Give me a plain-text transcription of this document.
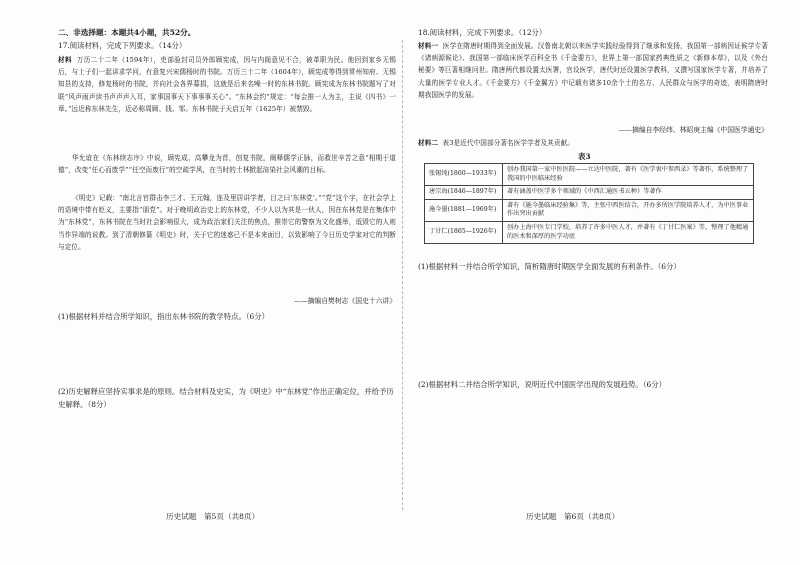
二、非选择题：本题共4小题，共52分。
17.阅读材料，完成下列要求。（14分）
材料 万历二十二年（1594年），吏部验封司员外郎顾宪成，因与内阁意见不合，被革职为民。他回到家乡无锡后，与士子们一起讲求学问，有意复兴宋儒杨时的书院。万历三十二年（1604年），顾宪成等得到常州知府、无锡知县的支持，修复杨时的书院，并向社会各界募捐，这就是后来名噪一时的东林书院。顾宪成为东林书院题写了对联“风声雨声读书声声声入耳，家事国事天下事事事关心”。“东林会约”规定：“每会推一人为主，主说《四书》一章。”远近称东林先生，近必称周顾、钱、邹。东林书院于天启五年（1625年）被禁毁。
华允谊在《东林续志序》中说，顾宪成、高攀龙为首，创复书院，阐释儒学正脉，而救世辛苦之意“相期于道德”，改变“任心而废学”“任空而废行”的空疏学风，在当时的土林掀起渲染社会风潮的目标。
《明史》记载：“南北言官群击李三才、王元翰，连及里居讲学者，目之曰‘东林党’。”“党”这个字，在社会学上的语境中带有贬义，主要指“朋党”。对于晚明政治史上的东林党，不少人以为其是一伙人，因在东林党是在集体中为“东林党”，东林书院在当时社会影响很大，成为政治家们关注的焦点，推崇它的警察为文化盛举，诋毁它的人则当作异端的说教。到了清朝修纂《明史》时，关于它的迷惑已不是本来面目，以致影响了今日历史学家对它的判断与定位。
——摘编自樊树志《国史十六讲》
(1)根据材料并结合所学知识，指出东林书院的教学特点。（6分）
(2)历史解释应坚持实事求是的原则。结合材料及史实，为《明史》中“东林党”作出正确定位，并给予历史解释。（8分）
历史试题　第5页（共8页）
18.阅读材料，完成下列要求。（12分）
材料一 医学在隋唐时期得到全面发展。汉鲁南北朝以来医学实践经验得到了继承和发扬，我国第一部病因证候学专著《诸病源候论》、我国第一部临床医学百科全书《千金要方》，世界上第一部国家药典性质之《新修本草》，以及《外台秘要》等巨著相继问世。隋唐两代都设置太医署，官设医学，唐代时还设置医学教科，又撰写国家医学专著，并培养了大量的医学专业人才。《千金要方》《千金翼方》中记载有诸多10余个土的名方、人民群众与医学的奇迹，表明隋唐时期我国医学的发展。
——摘编自李经纬、林昭庚主编《中国医学通史》
材料二 表3是近代中国部分著名医学学者及其贡献。
表3
张锡纯(1860—1933年)	创办我国第一家中医医院——立达中医院，著有《医学衷中参西录》等著作，系统整理了我国的中医临床经验
唐宗海(1846—1897年)	著有涵盖中医学多个领域的《中西汇通医书五种》等著作
施今墨(1881—1969年)	著有《施今墨临床经验集》等，主张中西医结合，开办多所医学院培养人才，为中医事业作出突出贡献
丁甘仁(1865—1926年)	创办上海中医专门学校，培养了许多中医人才，并著有《丁甘仁医案》等，整理了他精通的医术和深厚的医学功底
(1)根据材料一并结合所学知识，简析隋唐时期医学全面发展的有利条件。（6分）
(2)根据材料二并结合所学知识，说明近代中国医学出现的发展趋势。（6分）
历史试题　第6页（共8页）
